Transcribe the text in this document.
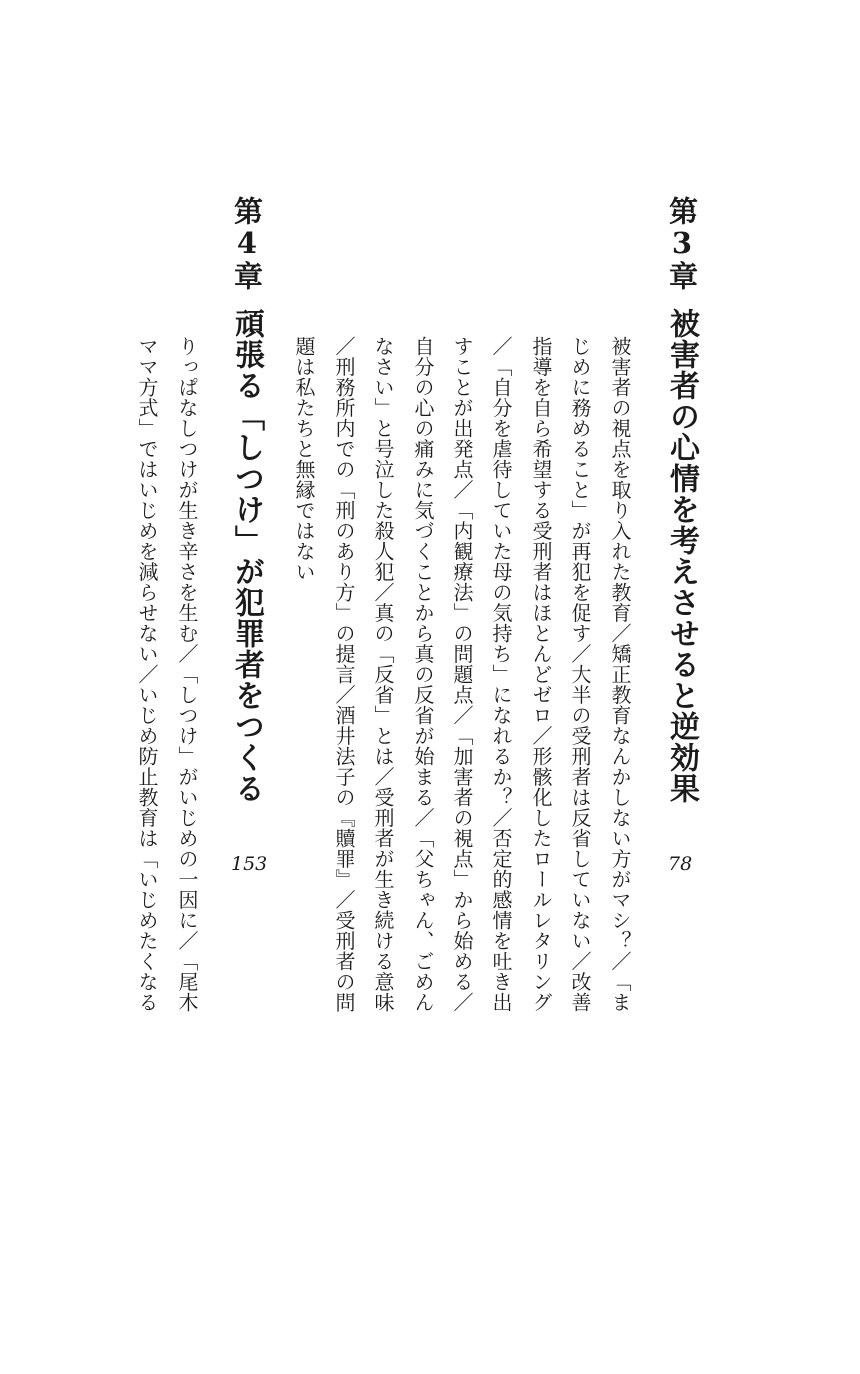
第3章
被害者の心情を考えさせると逆効果
78
被害者の視点を取り入れた教育／矯正教育なんかしない方がマシ？／「ま
じめに務めること」が再犯を促す／大半の受刑者は反省していない／改善
指導を自ら希望する受刑者はほとんどゼロ／形骸化したロールレタリング
／「自分を虐待していた母の気持ち」になれるか？／否定的感情を吐き出
すことが出発点／「内観療法」の問題点／「加害者の視点」から始める／
自分の心の痛みに気づくことから真の反省が始まる／「父ちゃん、ごめん
なさい」と号泣した殺人犯／真の「反省」とは／受刑者が生き続ける意味
／刑務所内での「刑のあり方」の提言／酒井法子の『贖罪』／受刑者の問
題は私たちと無縁ではない
第4章
頑張る「しつけ」が犯罪者をつくる
153
りっぱなしつけが生き辛さを生む／「しつけ」がいじめの一因に／「尾木
ママ方式」ではいじめを減らせない／いじめ防止教育は「いじめたくなる
